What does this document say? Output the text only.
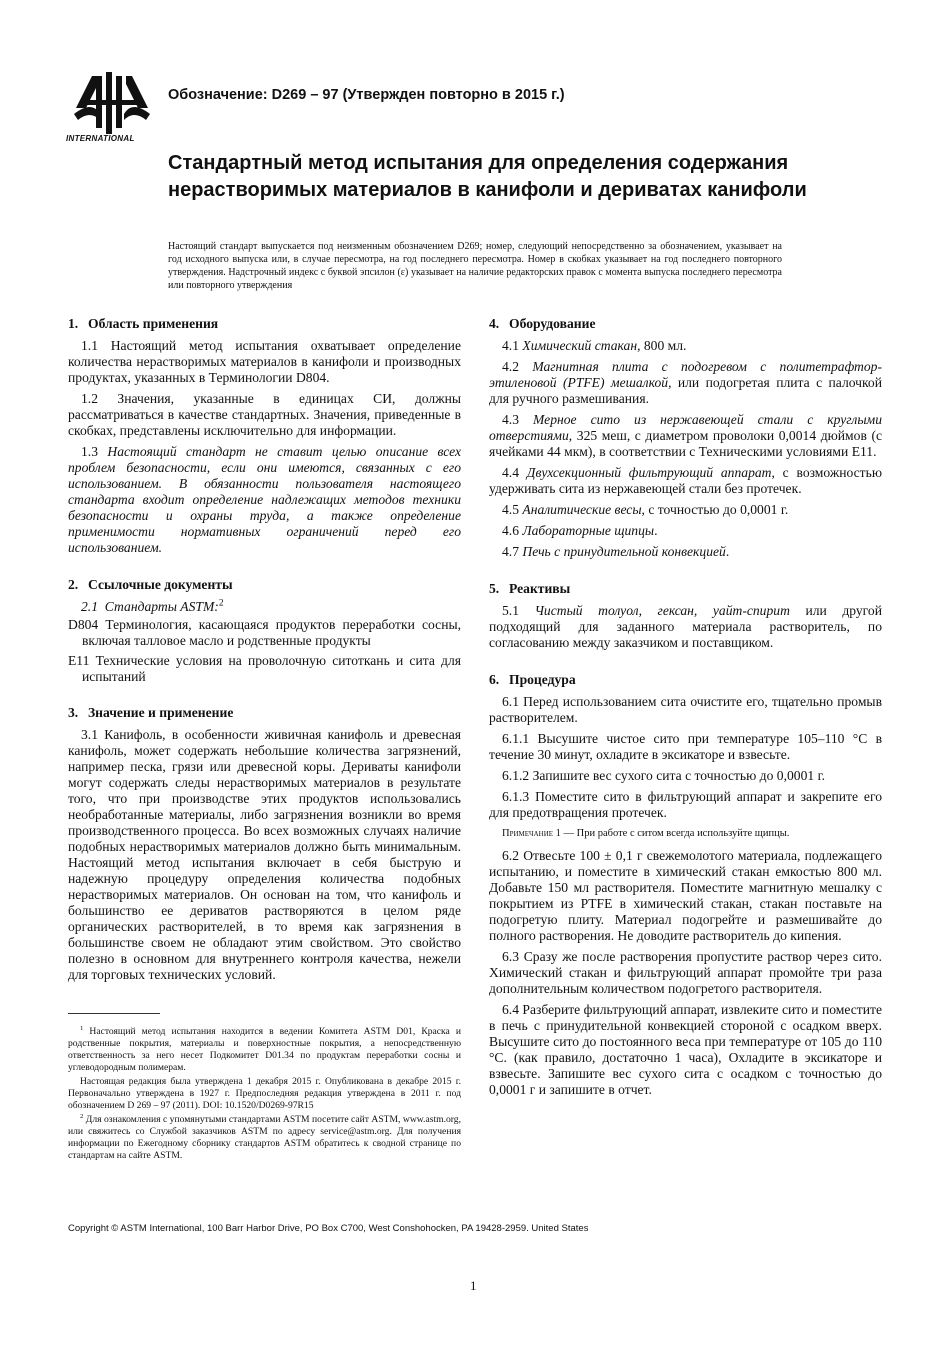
INTERNATIONAL
Обозначение: D269 – 97 (Утвержден повторно в 2015 г.)
Стандартный метод испытания для определения содержания нерастворимых материалов в канифоли и дериватах канифоли

Настоящий стандарт выпускается под неизменным обозначением D269; номер, следующий непосредственно за обозначением, указывает на год исходного выпуска или, в случае пересмотра, на год последнего пересмотра. Номер в скобках указывает на год последнего повторного утверждения. Надстрочный индекс с буквой эпсилон (ε) указывает на наличие редакторских правок с момента выпуска последнего пересмотра или повторного утверждения

1. Область применения

1.1 Настоящий метод испытания охватывает определение количества нерастворимых материалов в канифоли и производных продуктах, указанных в Терминологии D804.

1.2 Значения, указанные в единицах СИ, должны рассматриваться в качестве стандартных. Значения, приведенные в скобках, представлены исключительно для информации.

1.3 Настоящий стандарт не ставит целью описание всех проблем безопасности, если они имеются, связанных с его использованием. В обязанности пользователя настоящего стандарта входит определение надлежащих методов техники безопасности и охраны труда, а также определение применимости нормативных ограничений перед его использованием.

2. Ссылочные документы

2.1 Стандарты ASTM:$^2$

D804 Терминология, касающаяся продуктов переработки сосны, включая талловое масло и родственные продукты

E11 Технические условия на проволочную ситоткань и сита для испытаний

3. Значение и применение

3.1 Канифоль, в особенности живичная канифоль и древесная канифоль, может содержать небольшие количества загрязнений, например песка, грязи или древесной коры. Дериваты канифоли могут содержать следы нерастворимых материалов в результате того, что при производстве этих продуктов использовались необработанные материалы, либо загрязнения возникли во время производственного процесса. Во всех возможных случаях наличие подобных нерастворимых материалов должно быть минимальным. Настоящий метод испытания включает в себя быструю и надежную процедуру определения количества подобных нерастворимых материалов. Он основан на том, что канифоль и большинство ее дериватов растворяются в целом ряде органических растворителей, в то время как загрязнения в большинстве своем не обладают этим свойством. Это свойство полезно в основном для внутреннего контроля качества, нежели для торговых технических условий.

$^1$ Настоящий метод испытания находится в ведении Комитета ASTM D01, Краска и родственные покрытия, материалы и поверхностные покрытия, а непосредственную ответственность за него несет Подкомитет D01.34 по продуктам переработки сосны и углеводородным полимерам.

Настоящая редакция была утверждена 1 декабря 2015 г. Опубликована в декабре 2015 г. Первоначально утверждена в 1927 г. Предпоследняя редакция утверждена в 2011 г. под обозначением D 269 – 97 (2011). DOI: 10.1520/D0269-97R15

$^2$ Для ознакомления с упомянутыми стандартами ASTM посетите сайт ASTM, www.astm.org, или свяжитесь со Службой заказчиков ASTM по адресу service@astm.org. Для получения информации по Ежегодному сборнику стандартов ASTM обратитесь к сводной странице по стандартам на сайте ASTM.

4. Оборудование

4.1 Химический стакан, 800 мл.

4.2 Магнитная плита с подогревом с политетрафтор-этиленовой (PTFE) мешалкой, или подогретая плита с палочкой для ручного размешивания.

4.3 Мерное сито из нержавеющей стали с круглыми отверстиями, 325 меш, с диаметром проволоки 0,0014 дюймов (с ячейками 44 мкм), в соответствии с Техническими условиями E11.

4.4 Двухсекционный фильтрующий аппарат, с возможностью удерживать сита из нержавеющей стали без протечек.

4.5 Аналитические весы, с точностью до 0,0001 г.

4.6 Лабораторные щипцы.

4.7 Печь с принудительной конвекцией.

5. Реактивы

5.1 Чистый толуол, гексан, уайт-спирит или другой подходящий для заданного материала растворитель, по согласованию между заказчиком и поставщиком.

6. Процедура

6.1 Перед использованием сита очистите его, тщательно промыв растворителем.

6.1.1 Высушите чистое сито при температуре 105–110 °C в течение 30 минут, охладите в эксикаторе и взвесьте.

6.1.2 Запишите вес сухого сита с точностью до 0,0001 г.

6.1.3 Поместите сито в фильтрующий аппарат и закрепите его для предотвращения протечек.

Примечание 1 — При работе с ситом всегда используйте щипцы.

6.2 Отвесьте 100 ± 0,1 г свежемолотого материала, подлежащего испытанию, и поместите в химический стакан емкостью 800 мл. Добавьте 150 мл растворителя. Поместите магнитную мешалку с покрытием из PTFE в химический стакан, стакан поставьте на подогретую плиту. Материал подогрейте и размешивайте до полного растворения. Не доводите растворитель до кипения.

6.3 Сразу же после растворения пропустите раствор через сито. Химический стакан и фильтрующий аппарат промойте три раза дополнительным количеством подогретого растворителя.

6.4 Разберите фильтрующий аппарат, извлеките сито и поместите в печь с принудительной конвекцией стороной с осадком вверх. Высушите сито до постоянного веса при температуре от 105 до 110 °C. (как правило, достаточно 1 часа), Охладите в эксикаторе и взвесьте. Запишите вес сухого сита с осадком с точностью до 0,0001 г и запишите в отчет.

Copyright © ASTM International, 100 Barr Harbor Drive, PO Box C700, West Conshohocken, PA 19428-2959. United States
1
